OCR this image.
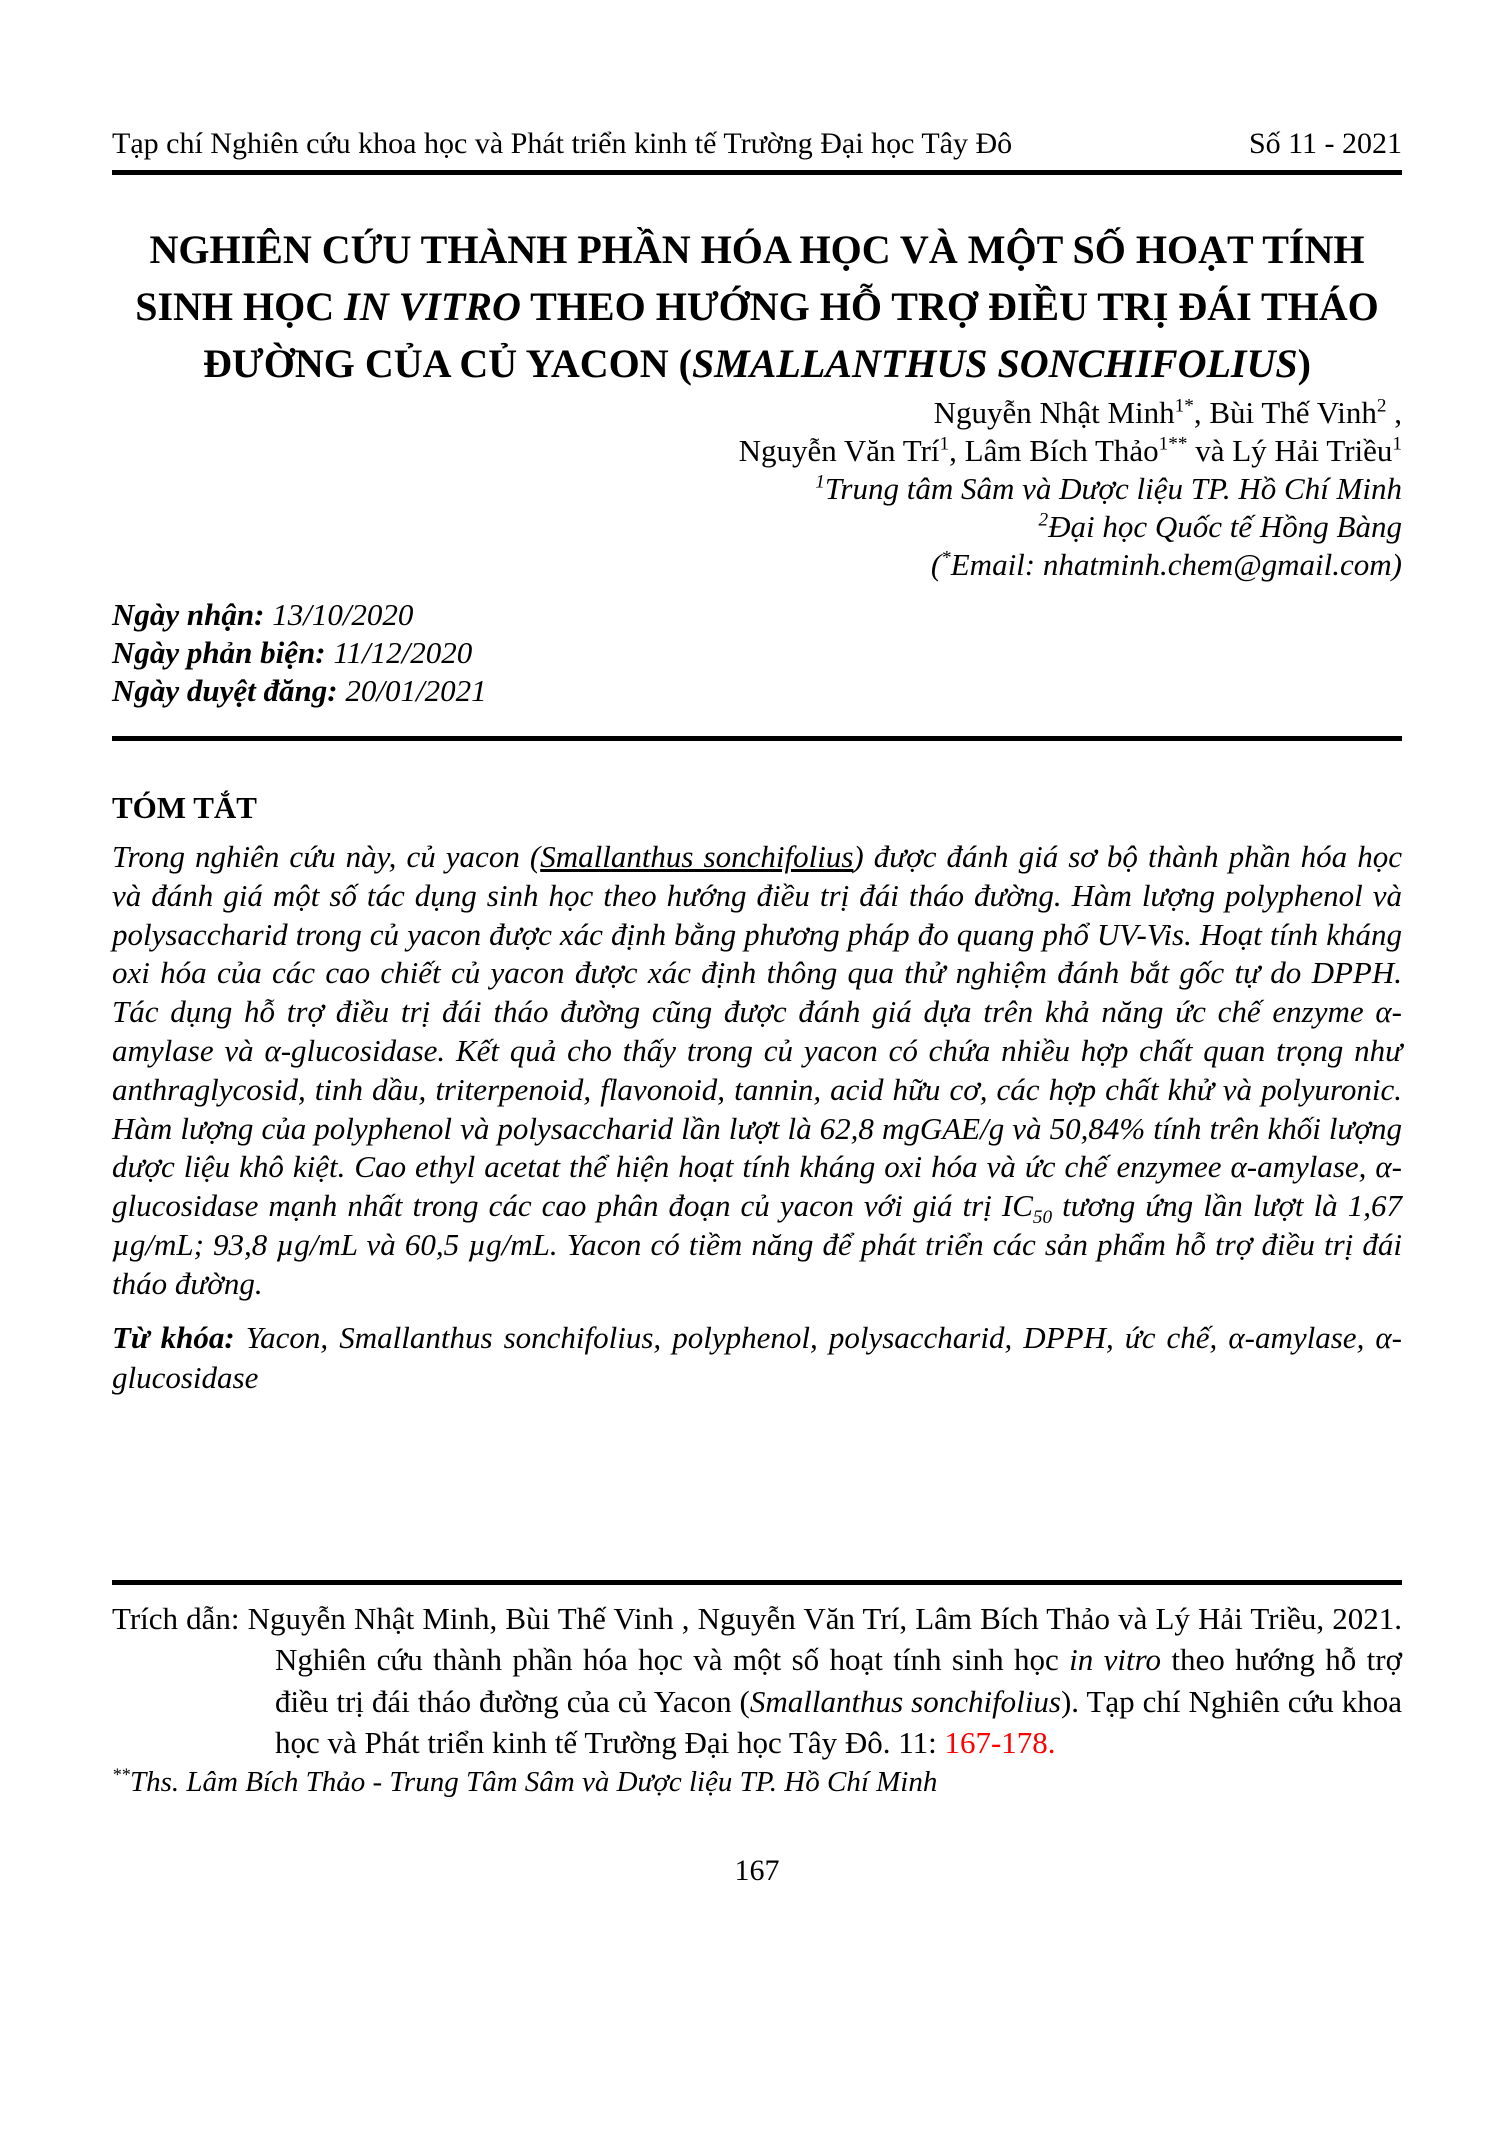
Tạp chí Nghiên cứu khoa học và Phát triển kinh tế Trường Đại học Tây Đô	Số 11 - 2021
NGHIÊN CỨU THÀNH PHẦN HÓA HỌC VÀ MỘT SỐ HOẠT TÍNH SINH HỌC IN VITRO THEO HƯỚNG HỖ TRỢ ĐIỀU TRỊ ĐÁI THÁO ĐƯỜNG CỦA CỦ YACON (SMALLANTHUS SONCHIFOLIUS)
Nguyễn Nhật Minh$^{1*}$, Bùi Thế Vinh$^2$ ,
Nguyễn Văn Trí$^1$, Lâm Bích Thảo$^{1**}$ và Lý Hải Triều$^1$
$^1$Trung tâm Sâm và Dược liệu TP. Hồ Chí Minh
$^2$Đại học Quốc tế Hồng Bàng
(*Email: nhatminh.chem@gmail.com)
Ngày nhận: 13/10/2020
Ngày phản biện: 11/12/2020
Ngày duyệt đăng: 20/01/2021
TÓM TẮT

Trong nghiên cứu này, củ yacon (Smallanthus sonchifolius) được đánh giá sơ bộ thành phần hóa học và đánh giá một số tác dụng sinh học theo hướng điều trị đái tháo đường. Hàm lượng polyphenol và polysaccharid trong củ yacon được xác định bằng phương pháp đo quang phổ UV-Vis. Hoạt tính kháng oxi hóa của các cao chiết củ yacon được xác định thông qua thử nghiệm đánh bắt gốc tự do DPPH. Tác dụng hỗ trợ điều trị đái tháo đường cũng được đánh giá dựa trên khả năng ức chế enzyme α-amylase và α-glucosidase. Kết quả cho thấy trong củ yacon có chứa nhiều hợp chất quan trọng như anthraglycosid, tinh dầu, triterpenoid, flavonoid, tannin, acid hữu cơ, các hợp chất khử và polyuronic. Hàm lượng của polyphenol và polysaccharid lần lượt là 62,8 mgGAE/g và 50,84% tính trên khối lượng dược liệu khô kiệt. Cao ethyl acetat thể hiện hoạt tính kháng oxi hóa và ức chế enzymee α-amylase, α-glucosidase mạnh nhất trong các cao phân đoạn củ yacon với giá trị $IC_{50}$ tương ứng lần lượt là 1,67 µg/mL; 93,8 µg/mL và 60,5 µg/mL. Yacon có tiềm năng để phát triển các sản phẩm hỗ trợ điều trị đái tháo đường.

Từ khóa: Yacon, Smallanthus sonchifolius, polyphenol, polysaccharid, DPPH, ức chế, α-amylase, α-glucosidase

Trích dẫn: Nguyễn Nhật Minh, Bùi Thế Vinh , Nguyễn Văn Trí, Lâm Bích Thảo và Lý Hải Triều, 2021. Nghiên cứu thành phần hóa học và một số hoạt tính sinh học in vitro theo hướng hỗ trợ điều trị đái tháo đường của củ Yacon (Smallanthus sonchifolius). Tạp chí Nghiên cứu khoa học và Phát triển kinh tế Trường Đại học Tây Đô. 11: 167-178.

**Ths. Lâm Bích Thảo - Trung Tâm Sâm và Dược liệu TP. Hồ Chí Minh

167
